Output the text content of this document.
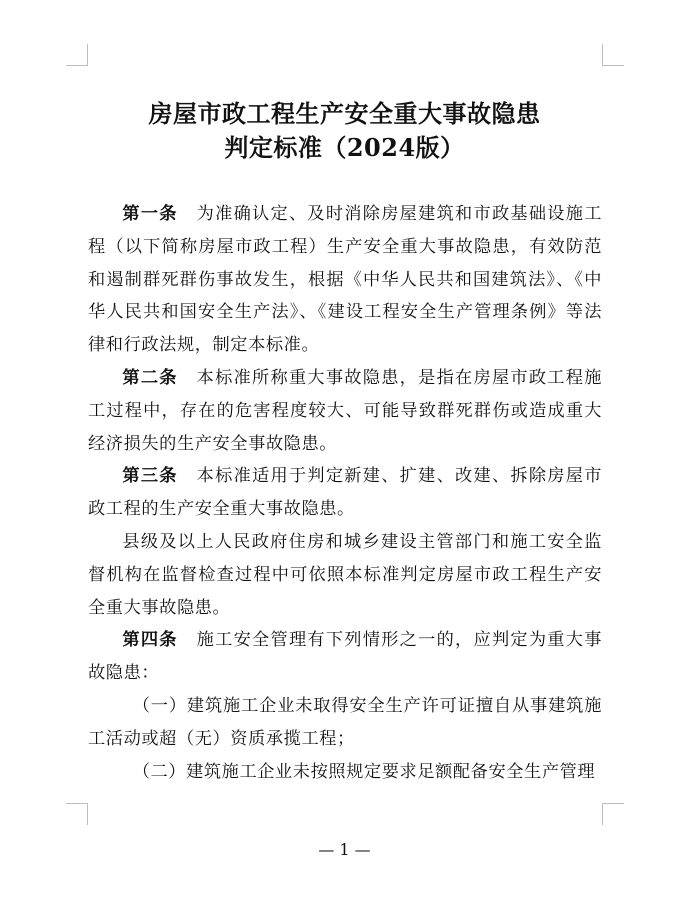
房屋市政工程生产安全重大事故隐患
判定标准（2024版）

第一条 为准确认定、及时消除房屋建筑和市政基础设施工程（以下简称房屋市政工程）生产安全重大事故隐患，有效防范和遏制群死群伤事故发生，根据《中华人民共和国建筑法》、《中华人民共和国安全生产法》、《建设工程安全生产管理条例》等法律和行政法规，制定本标准。

第二条 本标准所称重大事故隐患，是指在房屋市政工程施工过程中，存在的危害程度较大、可能导致群死群伤或造成重大经济损失的生产安全事故隐患。

第三条 本标准适用于判定新建、扩建、改建、拆除房屋市政工程的生产安全重大事故隐患。

县级及以上人民政府住房和城乡建设主管部门和施工安全监督机构在监督检查过程中可依照本标准判定房屋市政工程生产安全重大事故隐患。

第四条 施工安全管理有下列情形之一的，应判定为重大事故隐患：

（一）建筑施工企业未取得安全生产许可证擅自从事建筑施工活动或超（无）资质承揽工程；

（二）建筑施工企业未按照规定要求足额配备安全生产管理

— 1 —
